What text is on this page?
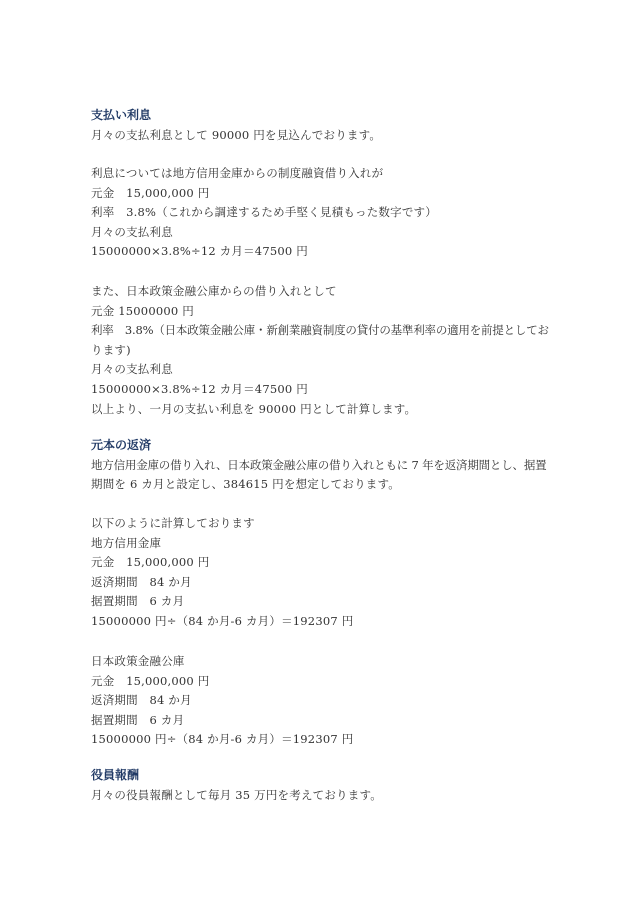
支払い利息
月々の支払利息として 90000 円を見込んでおります。
利息については地方信用金庫からの制度融資借り入れが
元金　15,000,000 円
利率　3.8%（これから調達するため手堅く見積もった数字です）
月々の支払利息
15000000×3.8%÷12 カ月＝47500 円
また、日本政策金融公庫からの借り入れとして
元金 15000000 円
利率　3.8%（日本政策金融公庫・新創業融資制度の貸付の基準利率の適用を前提としてお
ります)
月々の支払利息
15000000×3.8%÷12 カ月＝47500 円
以上より、一月の支払い利息を 90000 円として計算します。
元本の返済
地方信用金庫の借り入れ、日本政策金融公庫の借り入れともに 7 年を返済期間とし、据置
期間を 6 カ月と設定し、384615 円を想定しております。
以下のように計算しております
地方信用金庫
元金　15,000,000 円
返済期間　84 か月
据置期間　6 カ月
15000000 円÷（84 か月-6 カ月）＝192307 円
日本政策金融公庫
元金　15,000,000 円
返済期間　84 か月
据置期間　6 カ月
15000000 円÷（84 か月-6 カ月）＝192307 円
役員報酬
月々の役員報酬として毎月 35 万円を考えております。
